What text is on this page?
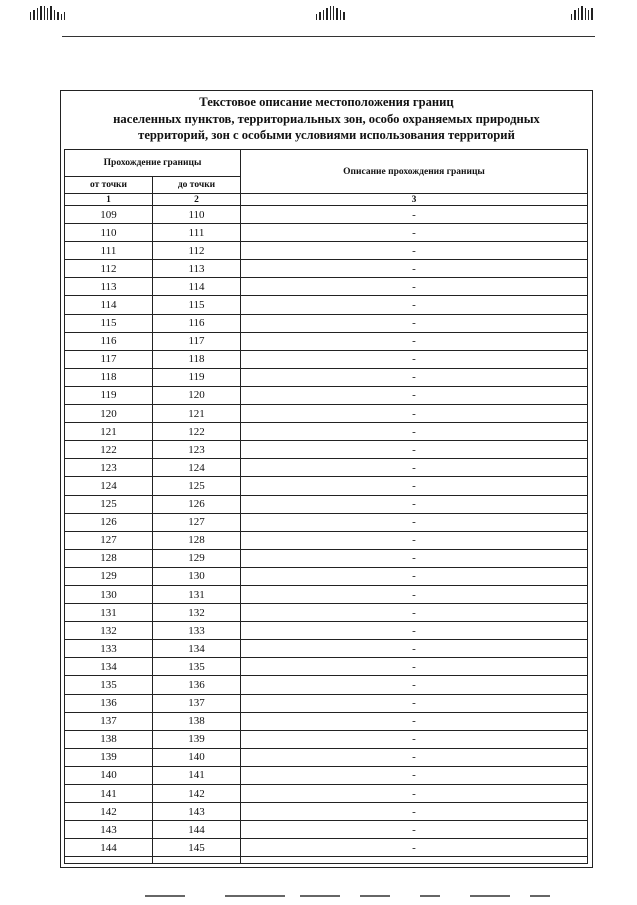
Текстовое описание местоположения границ
населенных пунктов, территориальных зон, особо охраняемых природных
территорий, зон с особыми условиями использования территорий
Прохождение границы		Описание прохождения границы
от точки	до точки	
1	2	3
109	110	-
110	111	-
111	112	-
112	113	-
113	114	-
114	115	-
115	116	-
116	117	-
117	118	-
118	119	-
119	120	-
120	121	-
121	122	-
122	123	-
123	124	-
124	125	-
125	126	-
126	127	-
127	128	-
128	129	-
129	130	-
130	131	-
131	132	-
132	133	-
133	134	-
134	135	-
135	136	-
136	137	-
137	138	-
138	139	-
139	140	-
140	141	-
141	142	-
142	143	-
143	144	-
144	145	-
